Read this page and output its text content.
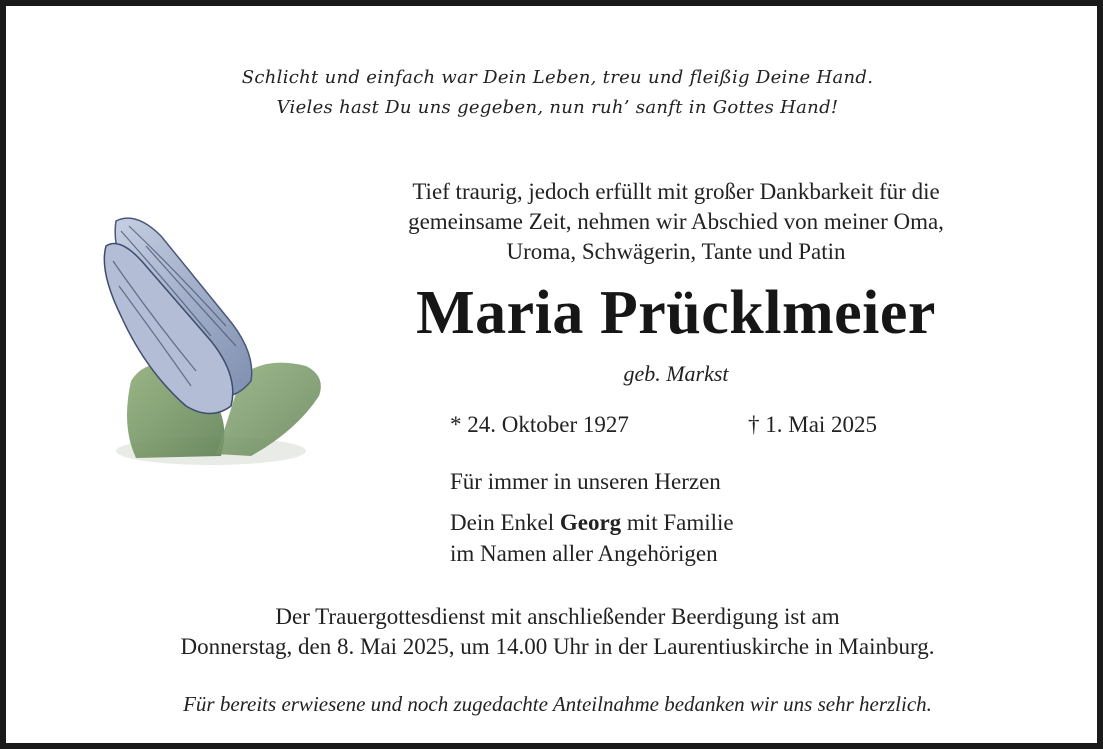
Schlicht und einfach war Dein Leben, treu und fleißig Deine Hand.
Vieles hast Du uns gegeben, nun ruh’ sanft in Gottes Hand!
Tief traurig, jedoch erfüllt mit großer Dankbarkeit für die
gemeinsame Zeit, nehmen wir Abschied von meiner Oma,
Uroma, Schwägerin, Tante und Patin
Maria Prücklmeier
geb. Markst
* 24. Oktober 1927	† 1. Mai 2025
Für immer in unseren Herzen
Dein Enkel Georg mit Familie
im Namen aller Angehörigen
Der Trauergottesdienst mit anschließender Beerdigung ist am
Donnerstag, den 8. Mai 2025, um 14.00 Uhr in der Laurentiuskirche in Mainburg.
Für bereits erwiesene und noch zugedachte Anteilnahme bedanken wir uns sehr herzlich.
